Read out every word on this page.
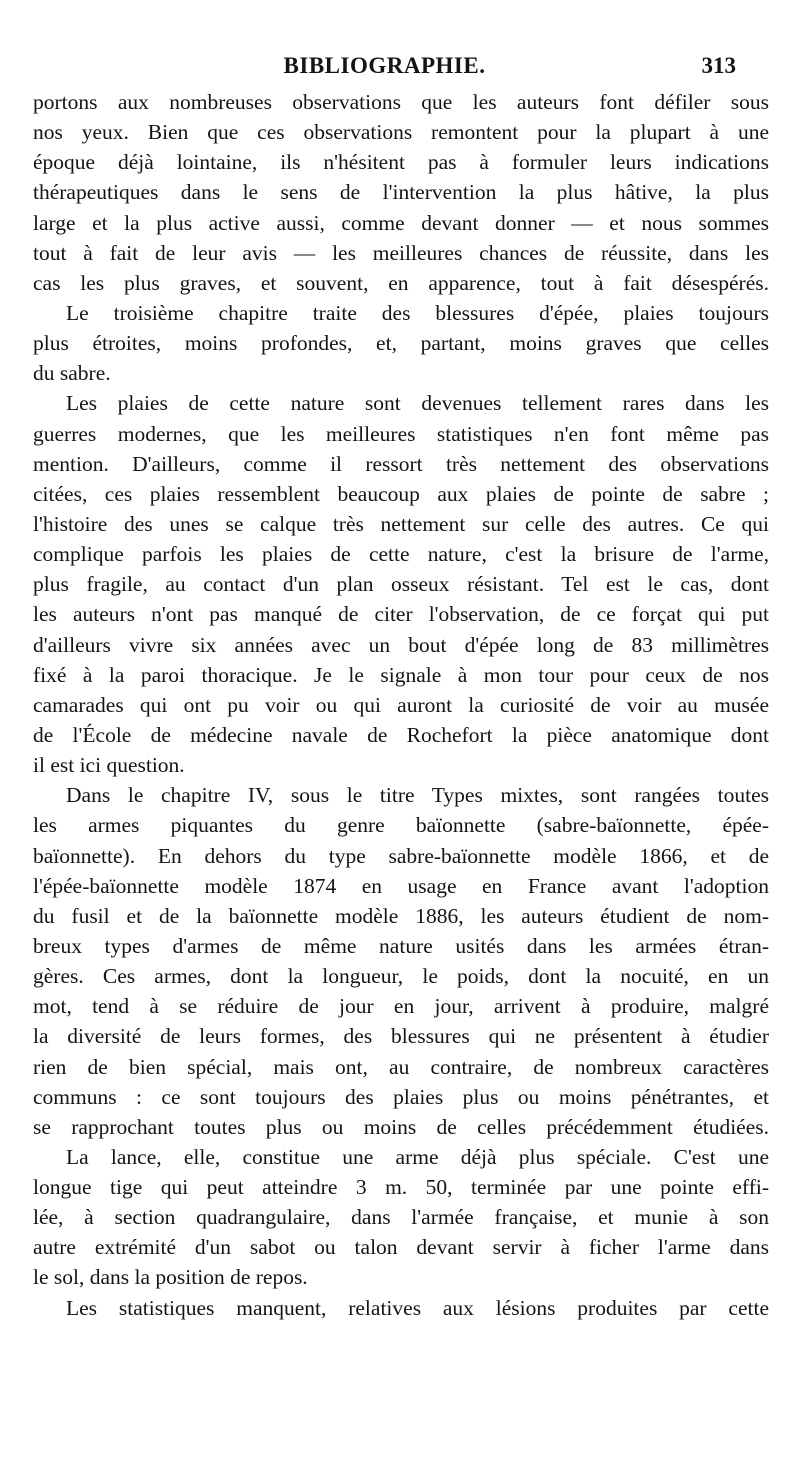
BIBLIOGRAPHIE.	313
portons aux nombreuses observations que les auteurs font défiler sous
nos yeux. Bien que ces observations remontent pour la plupart à une
époque déjà lointaine, ils n'hésitent pas à formuler leurs indications
thérapeutiques dans le sens de l'intervention la plus hâtive, la plus
large et la plus active aussi, comme devant donner — et nous sommes
tout à fait de leur avis — les meilleures chances de réussite, dans les
cas les plus graves, et souvent, en apparence, tout à fait désespérés.
Le troisième chapitre traite des blessures d'épée, plaies toujours
plus étroites, moins profondes, et, partant, moins graves que celles
du sabre.
Les plaies de cette nature sont devenues tellement rares dans les
guerres modernes, que les meilleures statistiques n'en font même pas
mention. D'ailleurs, comme il ressort très nettement des observations
citées, ces plaies ressemblent beaucoup aux plaies de pointe de sabre ;
l'histoire des unes se calque très nettement sur celle des autres. Ce qui
complique parfois les plaies de cette nature, c'est la brisure de l'arme,
plus fragile, au contact d'un plan osseux résistant. Tel est le cas, dont
les auteurs n'ont pas manqué de citer l'observation, de ce forçat qui put
d'ailleurs vivre six années avec un bout d'épée long de 83 millimètres
fixé à la paroi thoracique. Je le signale à mon tour pour ceux de nos
camarades qui ont pu voir ou qui auront la curiosité de voir au musée
de l'École de médecine navale de Rochefort la pièce anatomique dont
il est ici question.
Dans le chapitre IV, sous le titre Types mixtes, sont rangées toutes
les armes piquantes du genre baïonnette (sabre-baïonnette, épée-
baïonnette). En dehors du type sabre-baïonnette modèle 1866, et de
l'épée-baïonnette modèle 1874 en usage en France avant l'adoption
du fusil et de la baïonnette modèle 1886, les auteurs étudient de nom-
breux types d'armes de même nature usités dans les armées étran-
gères. Ces armes, dont la longueur, le poids, dont la nocuité, en un
mot, tend à se réduire de jour en jour, arrivent à produire, malgré
la diversité de leurs formes, des blessures qui ne présentent à étudier
rien de bien spécial, mais ont, au contraire, de nombreux caractères
communs : ce sont toujours des plaies plus ou moins pénétrantes, et
se rapprochant toutes plus ou moins de celles précédemment étudiées.
La lance, elle, constitue une arme déjà plus spéciale. C'est une
longue tige qui peut atteindre 3 m. 50, terminée par une pointe effi-
lée, à section quadrangulaire, dans l'armée française, et munie à son
autre extrémité d'un sabot ou talon devant servir à ficher l'arme dans
le sol, dans la position de repos.
Les statistiques manquent, relatives aux lésions produites par cette
